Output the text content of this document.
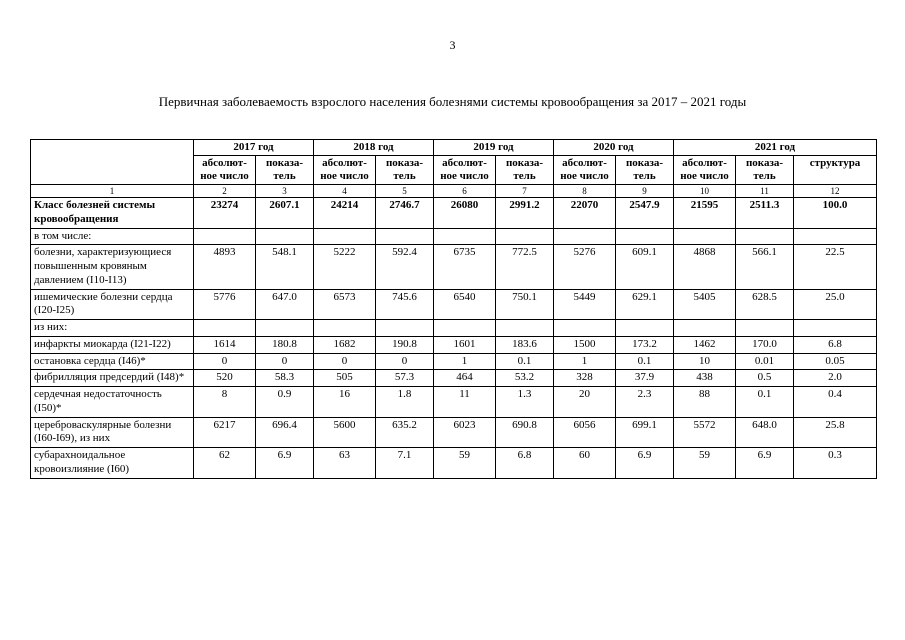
3
Первичная заболеваемость взрослого населения болезнями системы кровообращения за 2017 – 2021 годы
	2017 год		2018 год		2019 год		2020 год		2021 год		
	абсолют-ное число	показа-тель	абсолют-ное число	показа-тель	абсолют-ное число	показа-тель	абсолют-ное число	показа-тель	абсолют-ное число	показа-тель	структура
1	2	3	4	5	6	7	8	9	10	11	12
Класс болезней системы кровообращения	23274	2607.1	24214	2746.7	26080	2991.2	22070	2547.9	21595	2511.3	100.0
в том числе:											
болезни, характеризующиеся повышенным кровяным давлением (I10-I13)	4893	548.1	5222	592.4	6735	772.5	5276	609.1	4868	566.1	22.5
ишемические болезни сердца (I20-I25)	5776	647.0	6573	745.6	6540	750.1	5449	629.1	5405	628.5	25.0
из них:											
инфаркты миокарда (I21-I22)	1614	180.8	1682	190.8	1601	183.6	1500	173.2	1462	170.0	6.8
остановка сердца (I46)*	0	0	0	0	1	0.1	1	0.1	10	0.01	0.05
фибрилляция предсердий (I48)*	520	58.3	505	57.3	464	53.2	328	37.9	438	0.5	2.0
сердечная недостаточность (I50)*	8	0.9	16	1.8	11	1.3	20	2.3	88	0.1	0.4
цереброваскулярные болезни (I60-I69), из них	6217	696.4	5600	635.2	6023	690.8	6056	699.1	5572	648.0	25.8
субарахноидальное кровоизлияние (I60)	62	6.9	63	7.1	59	6.8	60	6.9	59	6.9	0.3
